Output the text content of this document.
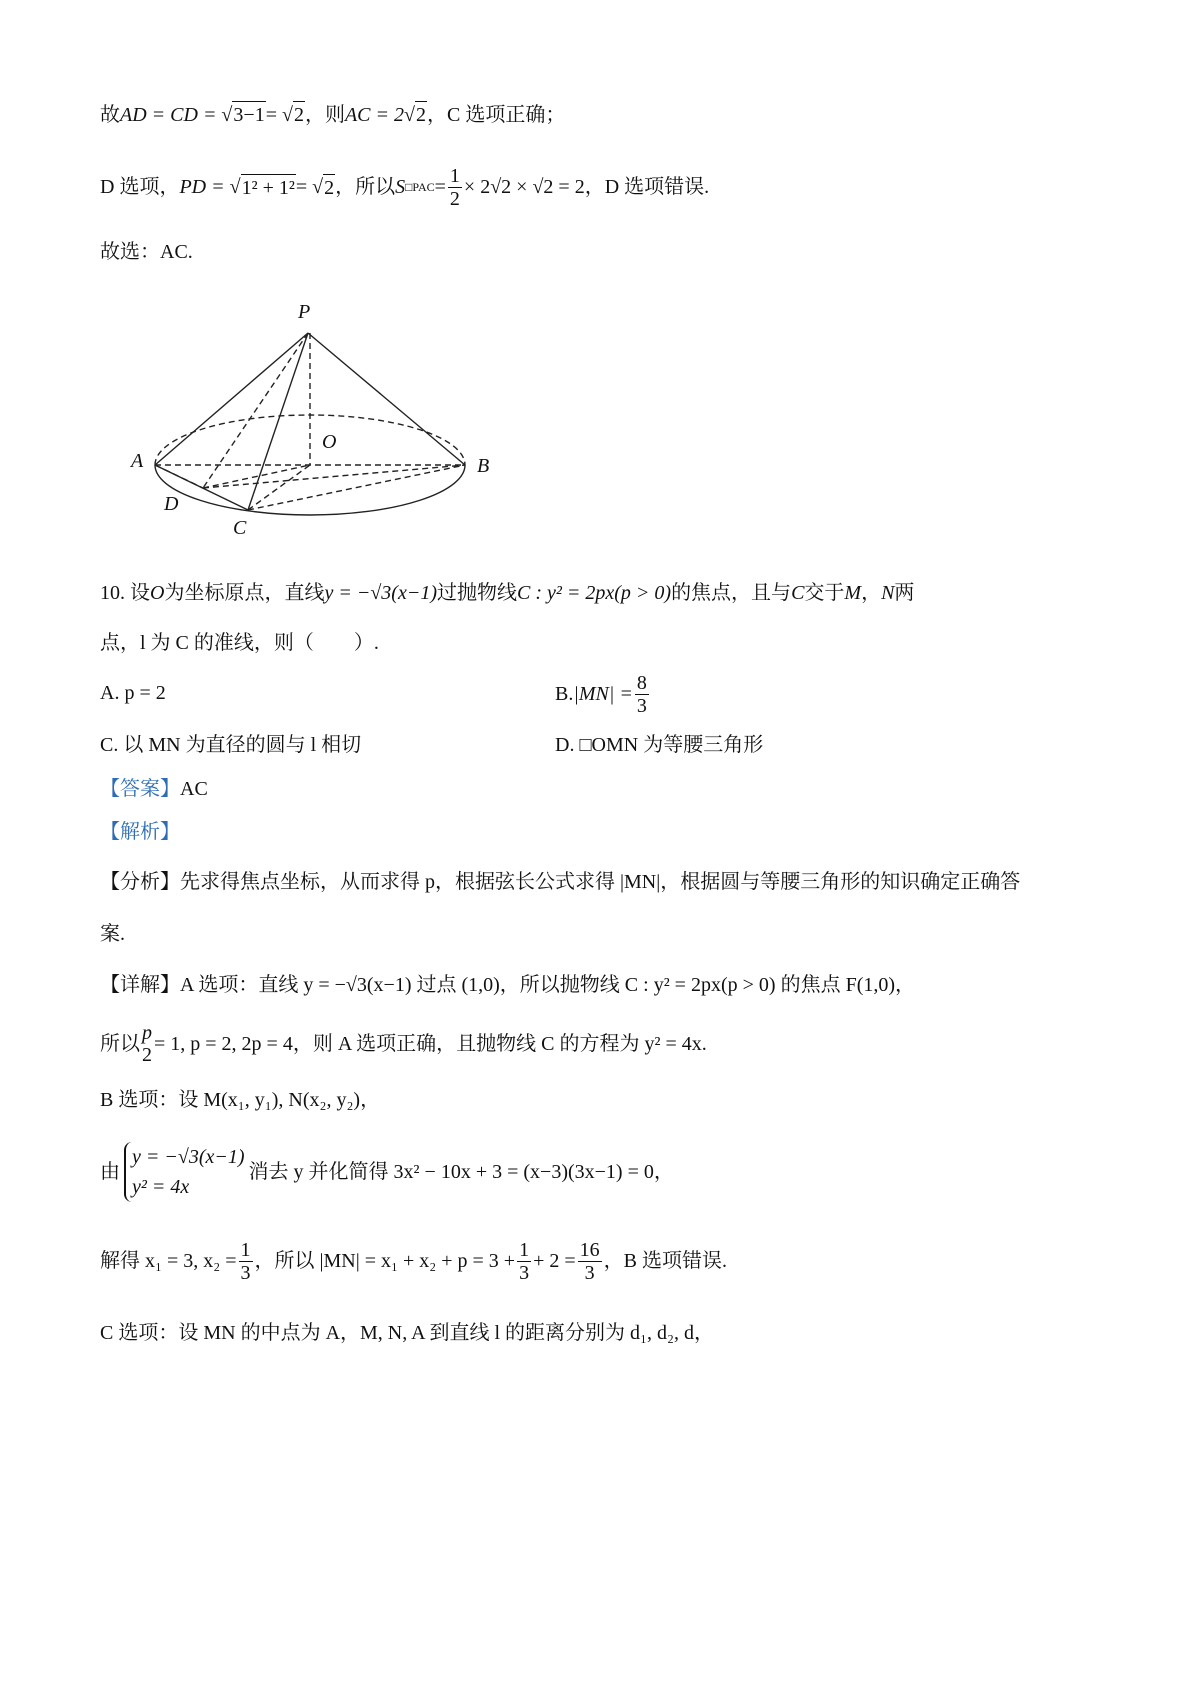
故 AD = CD = √ 3−1 = √ 2 ，则 AC = 2√ 2 ，C 选项正确；
D 选项， PD = √ 1² + 1² = √ 2 ，所以 S □PAC = $\frac{1}{2} \times 2√2 \times √2 = 2$ ，D 选项错误.
故选：AC.
P
O
A	B
D
C
10. 设 O 为坐标原点，直线 y = −√3(x−1) 过抛物线 C : y² = 2px(p > 0) 的焦点，且与 C 交于 M ， N 两
点，l 为 C 的准线，则（　　）.
A. p = 2	B. $|MN| = \frac{8}{3}$
C. 以 MN 为直径的圆与 l 相切	D. □OMN 为等腰三角形
【答案】 AC
【解析】
【分析】 先求得焦点坐标，从而求得 p，根据弦长公式求得 |MN|，根据圆与等腰三角形的知识确定正确答
案.
【详解】 A 选项：直线 y = −√3(x−1) 过点 (1,0)，所以抛物线 C : y² = 2px(p > 0) 的焦点 F(1,0)，
所以 p
2 = 1, p = 2, 2p = 4，则 A 选项正确，且抛物线 C 的方程为 y² = 4x.
B 选项：设 M(x₁, y₁), N(x₂, y₂)，
由
y = −√3(x−1)
y² = 4x
消去 y 并化简得 3x² − 10x + 3 = (x−3)(3x−1) = 0，
解得 x₁ = 3, $x_2 = \frac{1}{3}$ ，所以 $|MN| = x_1 + x_2 + p = 3 + \frac{1}{3} + 2 = \frac{16}{3}$ ，B 选项错误.
C 选项：设 MN 的中点为 A，M, N, A 到直线 l 的距离分别为 d₁, d₂, d，
